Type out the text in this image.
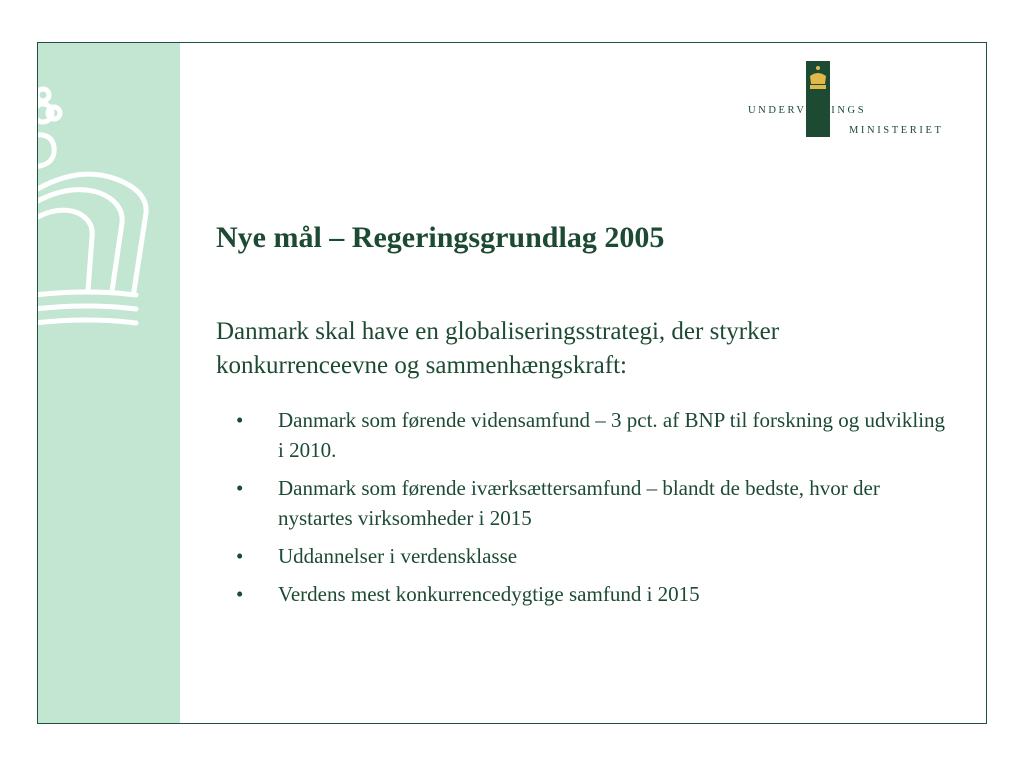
UNDERVISNINGS
MINISTERIET
Nye mål – Regeringsgrundlag 2005
Danmark skal have en globaliseringsstrategi, der styrker konkurrenceevne og sammenhængskraft:
• Danmark som førende vidensamfund – 3 pct. af BNP til forskning og udvikling i 2010.
• Danmark som førende iværksættersamfund – blandt de bedste, hvor der nystartes virksomheder i 2015
• Uddannelser i verdensklasse
• Verdens mest konkurrencedygtige samfund i 2015
